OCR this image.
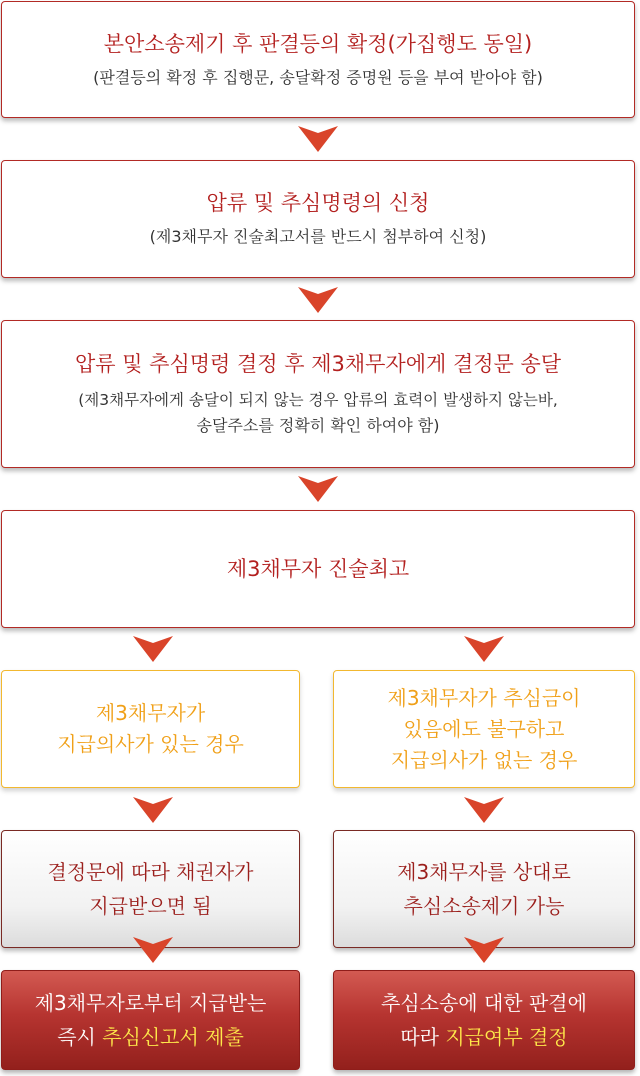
본안소송제기 후 판결등의 확정(가집행도 동일)
(판결등의 확정 후 집행문, 송달확정 증명원 등을 부여 받아야 함)
압류 및 추심명령의 신청
(제3채무자 진술최고서를 반드시 첨부하여 신청)
압류 및 추심명령 결정 후 제3채무자에게 결정문 송달
(제3채무자에게 송달이 되지 않는 경우 압류의 효력이 발생하지 않는바,
송달주소를 정확히 확인 하여야 함)
제3채무자 진술최고
제3채무자가
지급의사가 있는 경우
제3채무자가 추심금이
있음에도 불구하고
지급의사가 없는 경우
결정문에 따라 채권자가
지급받으면 됨
제3채무자를 상대로
추심소송제기 가능
제3채무자로부터 지급받는
즉시 추심신고서 제출
추심소송에 대한 판결에
따라 지급여부 결정
